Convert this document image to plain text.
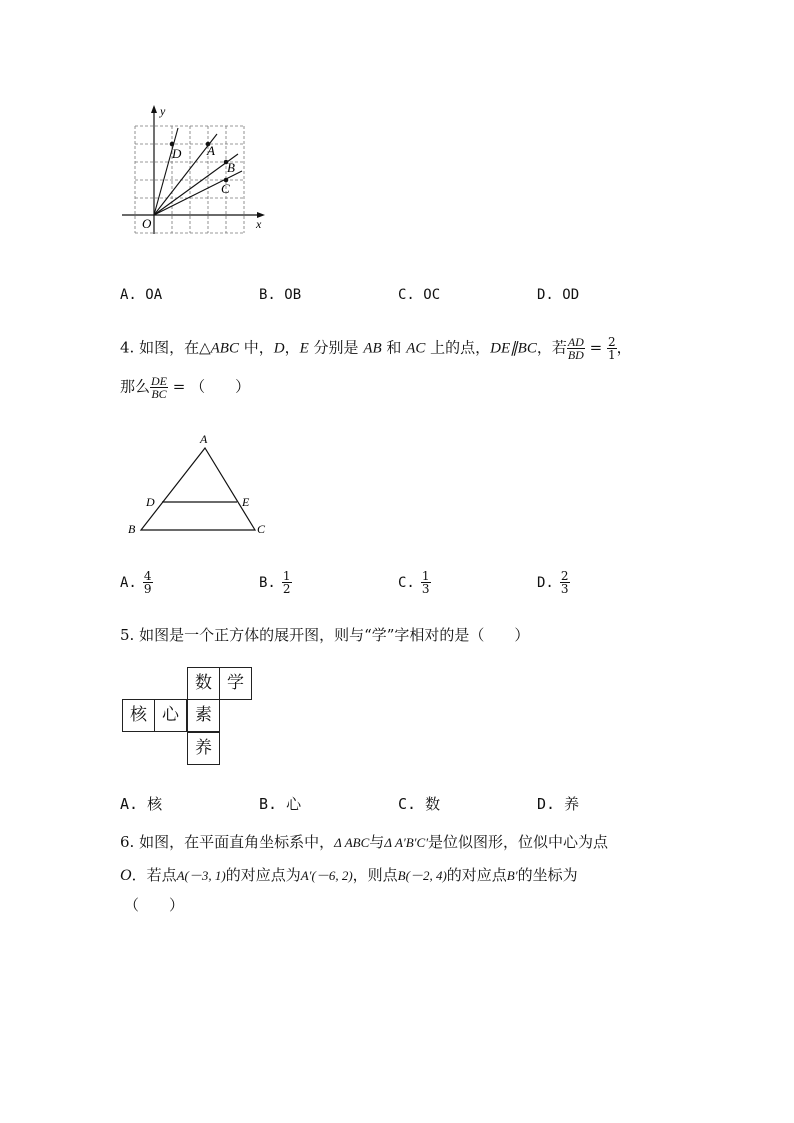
y
x
O
D A
B
C
A. OA	B. OB	C. OC	D. OD
4. 如图，在△ABC 中，D，E 分别是 AB 和 AC 上的点，DE∥BC，若 $\frac{AD}{BD} = \frac{2}{1}$ ，
那么 $\frac{DE}{BC}$ = （　　）
A
D	E
B	C
A. $\frac{4}{9}$	B. $\frac{1}{2}$	C. $\frac{1}{3}$	D. $\frac{2}{3}$
5. 如图是一个正方体的展开图，则与“学”字相对的是（　　）
数 学
核 心 素
养
A. 核	B. 心	C. 数	D. 养
6. 如图，在平面直角坐标系中，Δ ABC与Δ A′B′C′是位似图形，位似中心为点
O．若点A(－3, 1)的对应点为A′(－6, 2)，则点B(－2, 4)的对应点B′的坐标为
（　　）
